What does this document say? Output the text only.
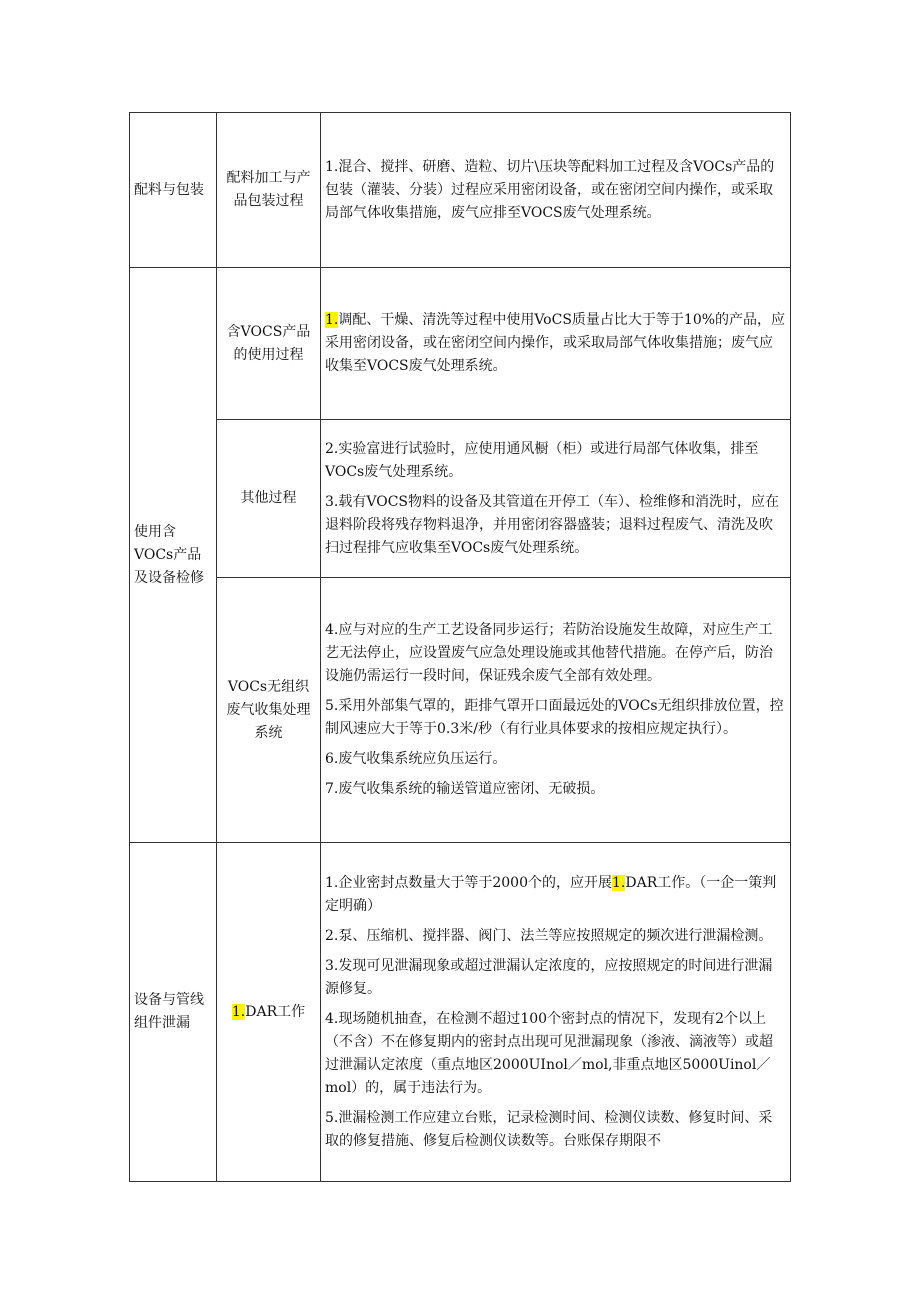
配料与包装	配料加工与产品包装过程	1.混合、搅拌、研磨、造粒、切片\压块等配料加工过程及含VOCs产品的包装（灌装、分装）过程应采用密闭设备，或在密闭空间内操作，或采取局部气体收集措施，废气应排至VOCS废气处理系统。

使用含VOCs产品及设备检修	含VOCS产品的使用过程	1.调配、干燥、清洗等过程中使用VoCS质量占比大于等于10%的产品，应采用密闭设备，或在密闭空间内操作，或采取局部气体收集措施；废气应收集至VOCS废气处理系统。

	其他过程	2.实验富进行试验时，应使用通风橱（柜）或进行局部气体收集，排至VOCs废气处理系统。

3.载有VOCS物料的设备及其管道在开停工（车）、检维修和消洗时，应在退料阶段将残存物料退净，并用密闭容器盛装；退料过程废气、清洗及吹扫过程排气应收集至VOCs废气处理系统。

	VOCs无组织废气收集处理系统	4.应与对应的生产工艺设备同步运行；若防治设施发生故障，对应生产工艺无法停止，应设置废气应急处理设施或其他替代措施。在停产后，防治设施仍需运行一段时间，保证残余废气全部有效处理。

5.采用外部集气罩的，距排气罩开口面最远处的VOCs无组织排放位置，控制风速应大于等于0.3米/秒（有行业具体要求的按相应规定执行）。

6.废气收集系统应负压运行。

7.废气收集系统的输送管道应密闭、无破损。

设备与管线组件泄漏	1.DAR工作	1.企业密封点数量大于等于2000个的，应开展1.DAR工作。（一企一策判定明确）

2.泵、压缩机、搅拌器、阀门、法兰等应按照规定的频次进行泄漏检测。

3.发现可见泄漏现象或超过泄漏认定浓度的，应按照规定的时间进行泄漏源修复。

4.现场随机抽查，在检测不超过100个密封点的情况下，发现有2个以上（不含）不在修复期内的密封点出现可见泄漏现象（渗液、滴液等）或超过泄漏认定浓度（重点地区2000UInol／mol,非重点地区5000Uinol／mol）的，属于违法行为。

5.泄漏检测工作应建立台账，记录检测时间、检测仪读数、修复时间、采取的修复措施、修复后检测仪读数等。台账保存期限不
